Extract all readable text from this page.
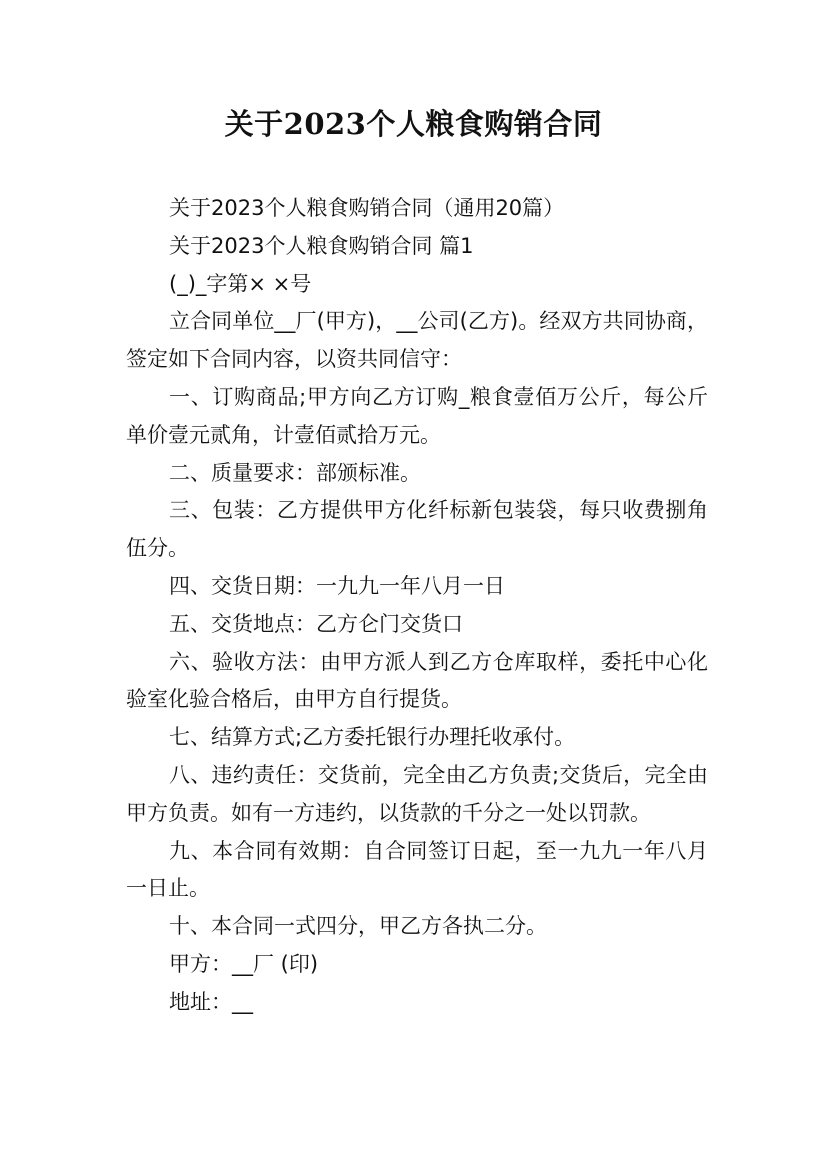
关于2023个人粮食购销合同

关于2023个人粮食购销合同（通用20篇）

关于2023个人粮食购销合同 篇1

(_)_字第× ×号

立合同单位__厂(甲方)，__公司(乙方)。经双方共同协商，签定如下合同内容，以资共同信守：

一、订购商品;甲方向乙方订购_粮食壹佰万公斤，每公斤单价壹元贰角，计壹佰贰拾万元。

二、质量要求：部颁标准。

三、包装：乙方提供甲方化纤标新包装袋，每只收费捌角伍分。

四、交货日期：一九九一年八月一日

五、交货地点：乙方仑门交货口

六、验收方法：由甲方派人到乙方仓库取样，委托中心化验室化验合格后，由甲方自行提货。

七、结算方式;乙方委托银行办理托收承付。

八、违约责任：交货前，完全由乙方负责;交货后，完全由甲方负责。如有一方违约，以货款的千分之一处以罚款。

九、本合同有效期：自合同签订日起，至一九九一年八月一日止。

十、本合同一式四分，甲乙方各执二分。

甲方：__厂 (印)

地址：__
